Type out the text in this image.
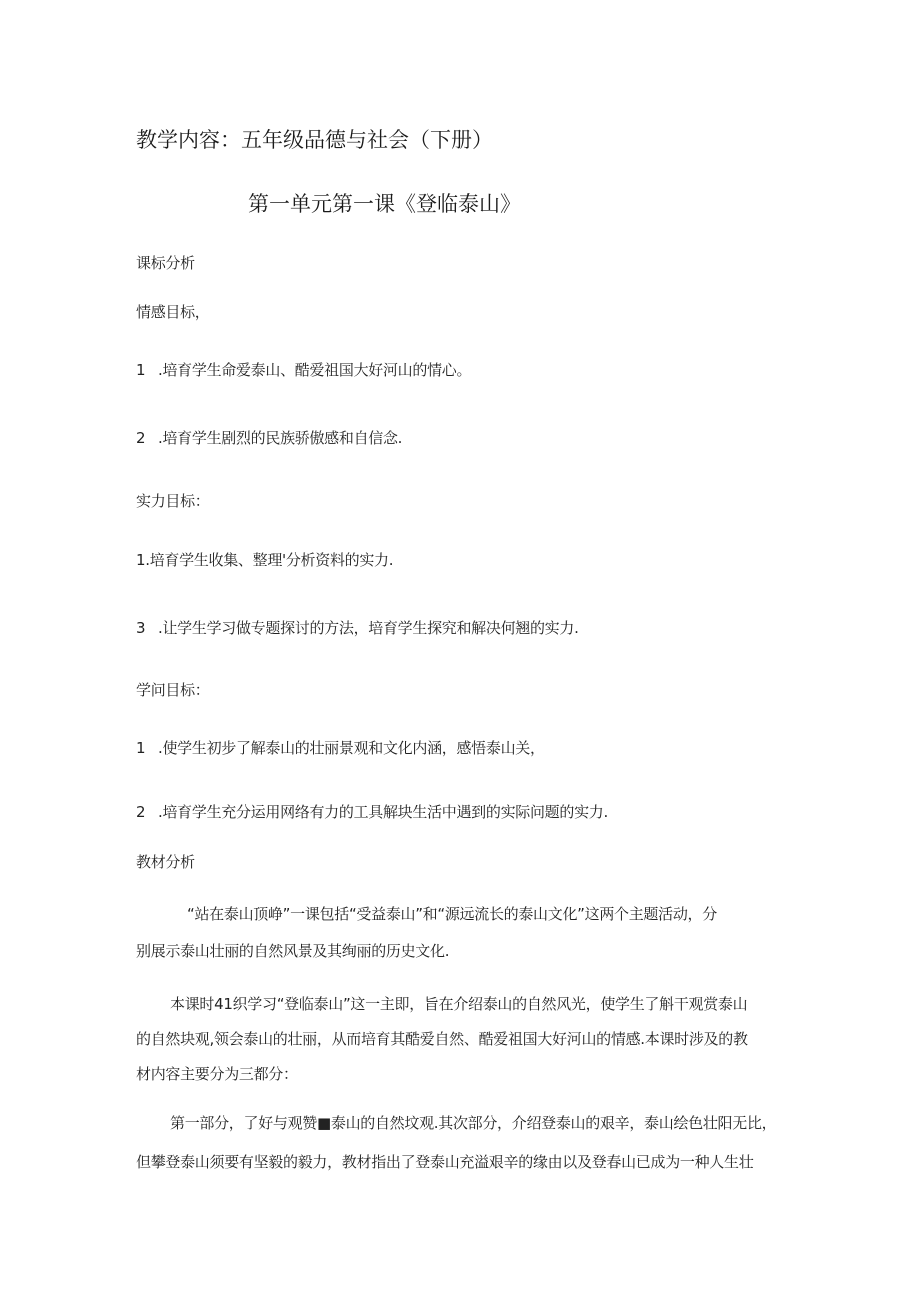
教学内容：五年级品德与社会（下册）
第一单元第一课《登临泰山》
课标分析
情感目标，
1 .培育学生命爱泰山、酷爱祖国大好河山的情心。
2 .培育学生剧烈的民族骄傲感和自信念.
实力目标：
1.培育学生收集、整理'分析资料的实力.
3 .让学生学习做专题探讨的方法，培育学生探究和解决何翘的实力.
学问目标：
1 .使学生初步了解泰山的壮丽景观和文化内涵，感悟泰山关，
2 .培育学生充分运用网络有力的工具解块生活中遇到的实际问题的实力.
教材分析
“站在泰山顶峥”一课包括“受益泰山”和“源远流长的泰山文化”这两个主题活动，分
别展示泰山壮丽的自然风景及其绚丽的历史文化.
本课时41织学习“登临泰山”这一主即，旨在介绍泰山的自然风光，使学生了斛干观赏泰山
的自然块观,领会泰山的壮丽，从而培育其酷爱自然、酷爱祖国大好河山的情感.本课时涉及的教
材内容主要分为三都分：
第一部分，了好与观赞■泰山的自然坟观.其次部分，介绍登泰山的艰辛，泰山绘色壮阳无比，
但攀登泰山须要有坚毅的毅力，教材指出了登泰山充溢艰辛的缘由以及登春山已成为一种人生壮
